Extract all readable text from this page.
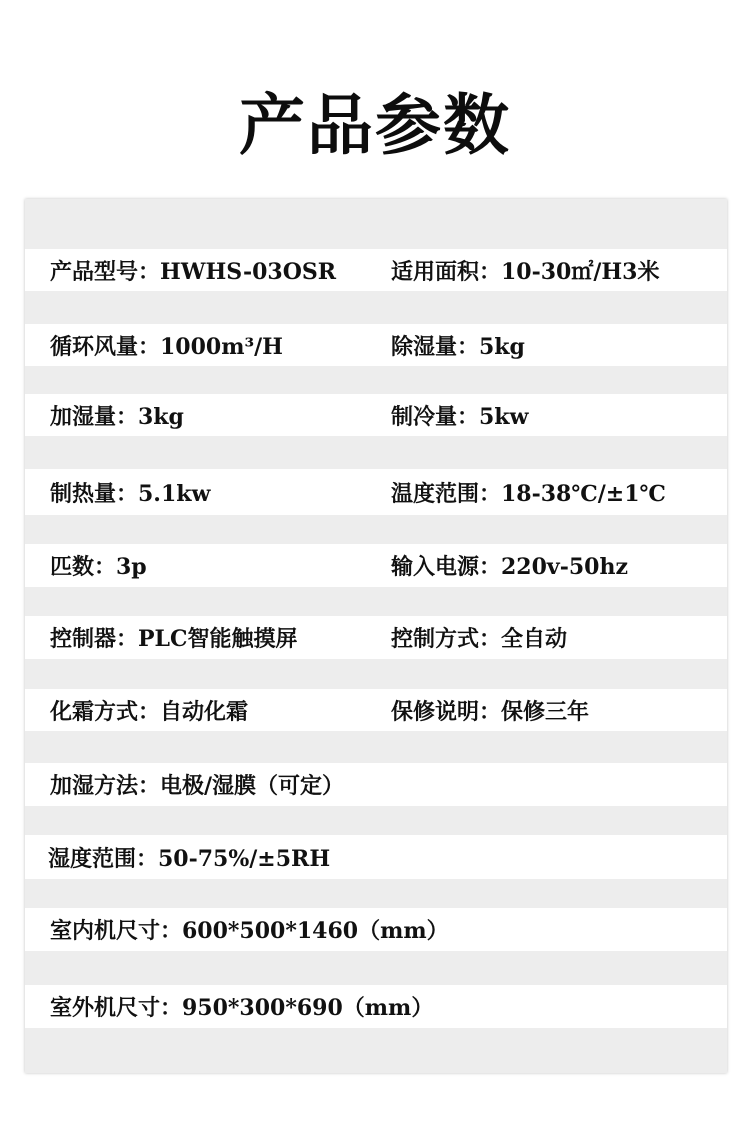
产品参数
产品型号：HWHS-03OSR 适用面积：10-30㎡/H3米
循环风量：1000m³/H	除湿量：5kg
加湿量：3kg	制冷量：5kw
制热量：5.1kw	温度范围：18-38℃/±1℃
匹数：3p	输入电源：220v-50hz
控制器：PLC智能触摸屏	控制方式：全自动
化霜方式：自动化霜	保修说明：保修三年
加湿方法：电极/湿膜（可定）
湿度范围：50-75%/±5RH
室内机尺寸：600*500*1460（mm）
室外机尺寸：950*300*690（mm）
